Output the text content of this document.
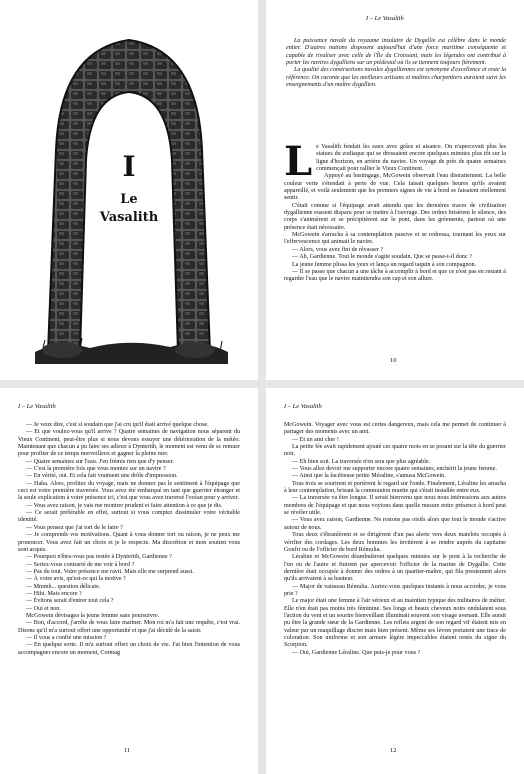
I
Le
Vasalith
I – Le Vasalith

La puissance navale du royaume insulaire de Dygallie est célèbre dans le monde entier. D'autres nations disposent aujourd'hui d'une force maritime conséquente et capable de rivaliser avec celle de l'Île du Croissant, mais les légendes ont contribué à porter les navires dygalliens sur un piédestal où ils se tiennent toujours fièrement.

La qualité des constructions navales dygalliennes est synonyme d'excellence et reste la référence. On raconte que les meilleurs artisans et maîtres charpentiers auraient suivi les enseignements d'un maître dygallien.

Le Vasalith fendait les eaux avec grâce et aisance. On n'apercevait plus les statues du zodiaque qui se dressaient encore quelques minutes plus tôt sur la ligne d'horizon, en arrière du navire. Un voyage de près de quatre semaines commençait pour rallier le Vieux Continent.

Appuyé au bastingage, McGowein observait l'eau distraitement. La belle couleur verte s'étendait à perte de vue. Cela faisait quelques heures qu'ils avaient appareillé, et voilà seulement que les premiers signes de vie à bord se faisaient réellement sentir.

C'était comme si l'équipage avait attendu que les dernières traces de civilisation dygallienne eussent disparu pour se mettre à l'ouvrage. Des ordres brisèrent le silence, des corps s'animèrent et se précipitèrent sur le pont, dans les gréements, partout où une présence était nécessaire.

McGowein s'arracha à sa contemplation passive et se redressa, tournant les yeux sur l'effervescence qui animait le navire.

— Alors, vous avez fini de rêvasser ?

— Ah, Gardienne. Tout le monde s'agite soudain. Que se passe-t-il donc ?

La jeune femme plissa les yeux et lança un regard taquin à son compagnon.

— Il se passe que chacun a une tâche à accomplir à bord et que ce n'est pas en restant à regarder l'eau que le navire maintiendra son cap et son allure.

10
I – Le Vasalith

— Je veux dire, c'est si soudain que j'ai cru qu'il était arrivé quelque chose.

— Et que voulez-vous qu'il arrive ? Quatre semaines de navigation nous séparent du Vieux Continent, peut-être plus si nous devons essuyer une détérioration de la météo. Maintenant que chacun a pu faire ses adieux à Dynterith, le moment est venu de se remuer pour profiter de ce temps merveilleux et gagner la pleine mer.

— Quatre semaines sur l'eau. J'en frémis rien que d'y penser.

— C'est la première fois que vous montez sur un navire ?

— En vérité, oui. Et cela fait vraiment une drôle d'impression.

— Haha. Alors, profitez du voyage, mais ne donnez pas le sentiment à l'équipage que ceci est votre première traversée. Vous avez été embarqué en tant que guerrier étranger et la seule explication à votre présence ici, c'est que vous avez traversé l'océan pour y arriver.

— Vous avez raison, je vais me montrer prudent et faire attention à ce que je dis.

— Ce serait préférable en effet, surtout si vous comptez dissimuler votre véritable identité.

— Vous pensez que j'ai tort de le faire ?

— Je comprends vos motivations. Quant à vous donner tort ou raison, je ne peux me prononcer. Vous avez fait un choix et je le respecte. Ma discrétion et mon soutien vous sont acquis.

— Pourquoi n'êtes-vous pas restée à Dynterith, Gardienne ?

— Seriez-vous contrarié de me voir à bord ?

— Pas du tout. Votre présence me ravit. Mais elle me surprend aussi.

— À votre avis, qu'est-ce qui la motive ?

— Mmmh... question délicate.

— Hihi. Mais encore ?

— Évitons serait d'entrer tout cela ?

— Oui et non.

McGowein dévisagea la jeune femme sans poursuivre.

— Bon, d'accord, j'arrête de vous faire mariner. Mon roi m'a fait une requête, c'est vrai. Disons qu'il m'a surtout offert une opportunité et que j'ai décidé de la saisir.

— Il vous a confié une mission ?

— En quelque sorte. Il m'a surtout offert un choix de vie. J'ai bien l'intention de vous accompagner encore un moment, Cormag

11
I – Le Vasalith

McGowein. Voyager avec vous est certes dangereux, mais cela me permet de continuer à partager des moments avec un ami.

— Et un ami cher !

La petite fée avait rapidement ajouté ces quatre mots en se posant sur la tête du guerrier noir.

— Eh bien soit. La traversée n'en sera que plus agréable.

— Vous allez devoir me supporter encore quatre semaines, enchérit la jeune femme.

— Ainsi que la facétieuse petite Méraline, s'amusa McGowein.

Tous trois se sourirent et portèrent le regard sur l'onde. Finalement, Léraline les arracha à leur contemplation, brisant la communion muette qui s'était installée entre eux.

— La traversée va être longue. Il serait bienvenu que nous nous intéressions aux autres membres de l'équipage et que nous voyions dans quelle mesure notre présence à bord peut se révéler utile.

— Vous avez raison, Gardienne. Ne restons pas oisifs alors que tout le monde s'active autour de nous.

Tous deux s'ébranlèrent et se dirigèrent d'un pas alerte vers deux matelots occupés à vérifier des cordages. Les deux hommes les invitèrent à se rendre auprès du capitaine Gonfri ou de l'officier de bord Rémulia.

Léraline et McGowein déambulèrent quelques minutes sur le pont à la recherche de l'un ou de l'autre et finirent par apercevoir l'officier de la marine de Dygallie. Cette dernière était occupée à donner des ordres à un quartier-maître, qui fila prestement alors qu'ils arrivaient à sa hauteur.

— Major de vaisseau Rémulia. Auriez-vous quelques instants à nous accorder, je vous prie ?

Le major était une femme à l'air sérieux et au maintien typique des militaires de métier. Elle n'en était pas moins très féminine. Ses longs et beaux cheveux noirs ondulaient sous l'action du vent et un sourire bienveillant illuminait souvent son visage avenant. Elle aurait pu être la grande sœur de la Gardienne. Les reflets argent de son regard vif étaient mis en valeur par un maquillage discret mais bien présent. Même ses lèvres portaient une trace de coloration. Son uniforme et son armure légère impeccables étaient ornés du signe du Scorpion.

— Oui, Gardienne Léraline. Que puis-je pour vous ?

12
